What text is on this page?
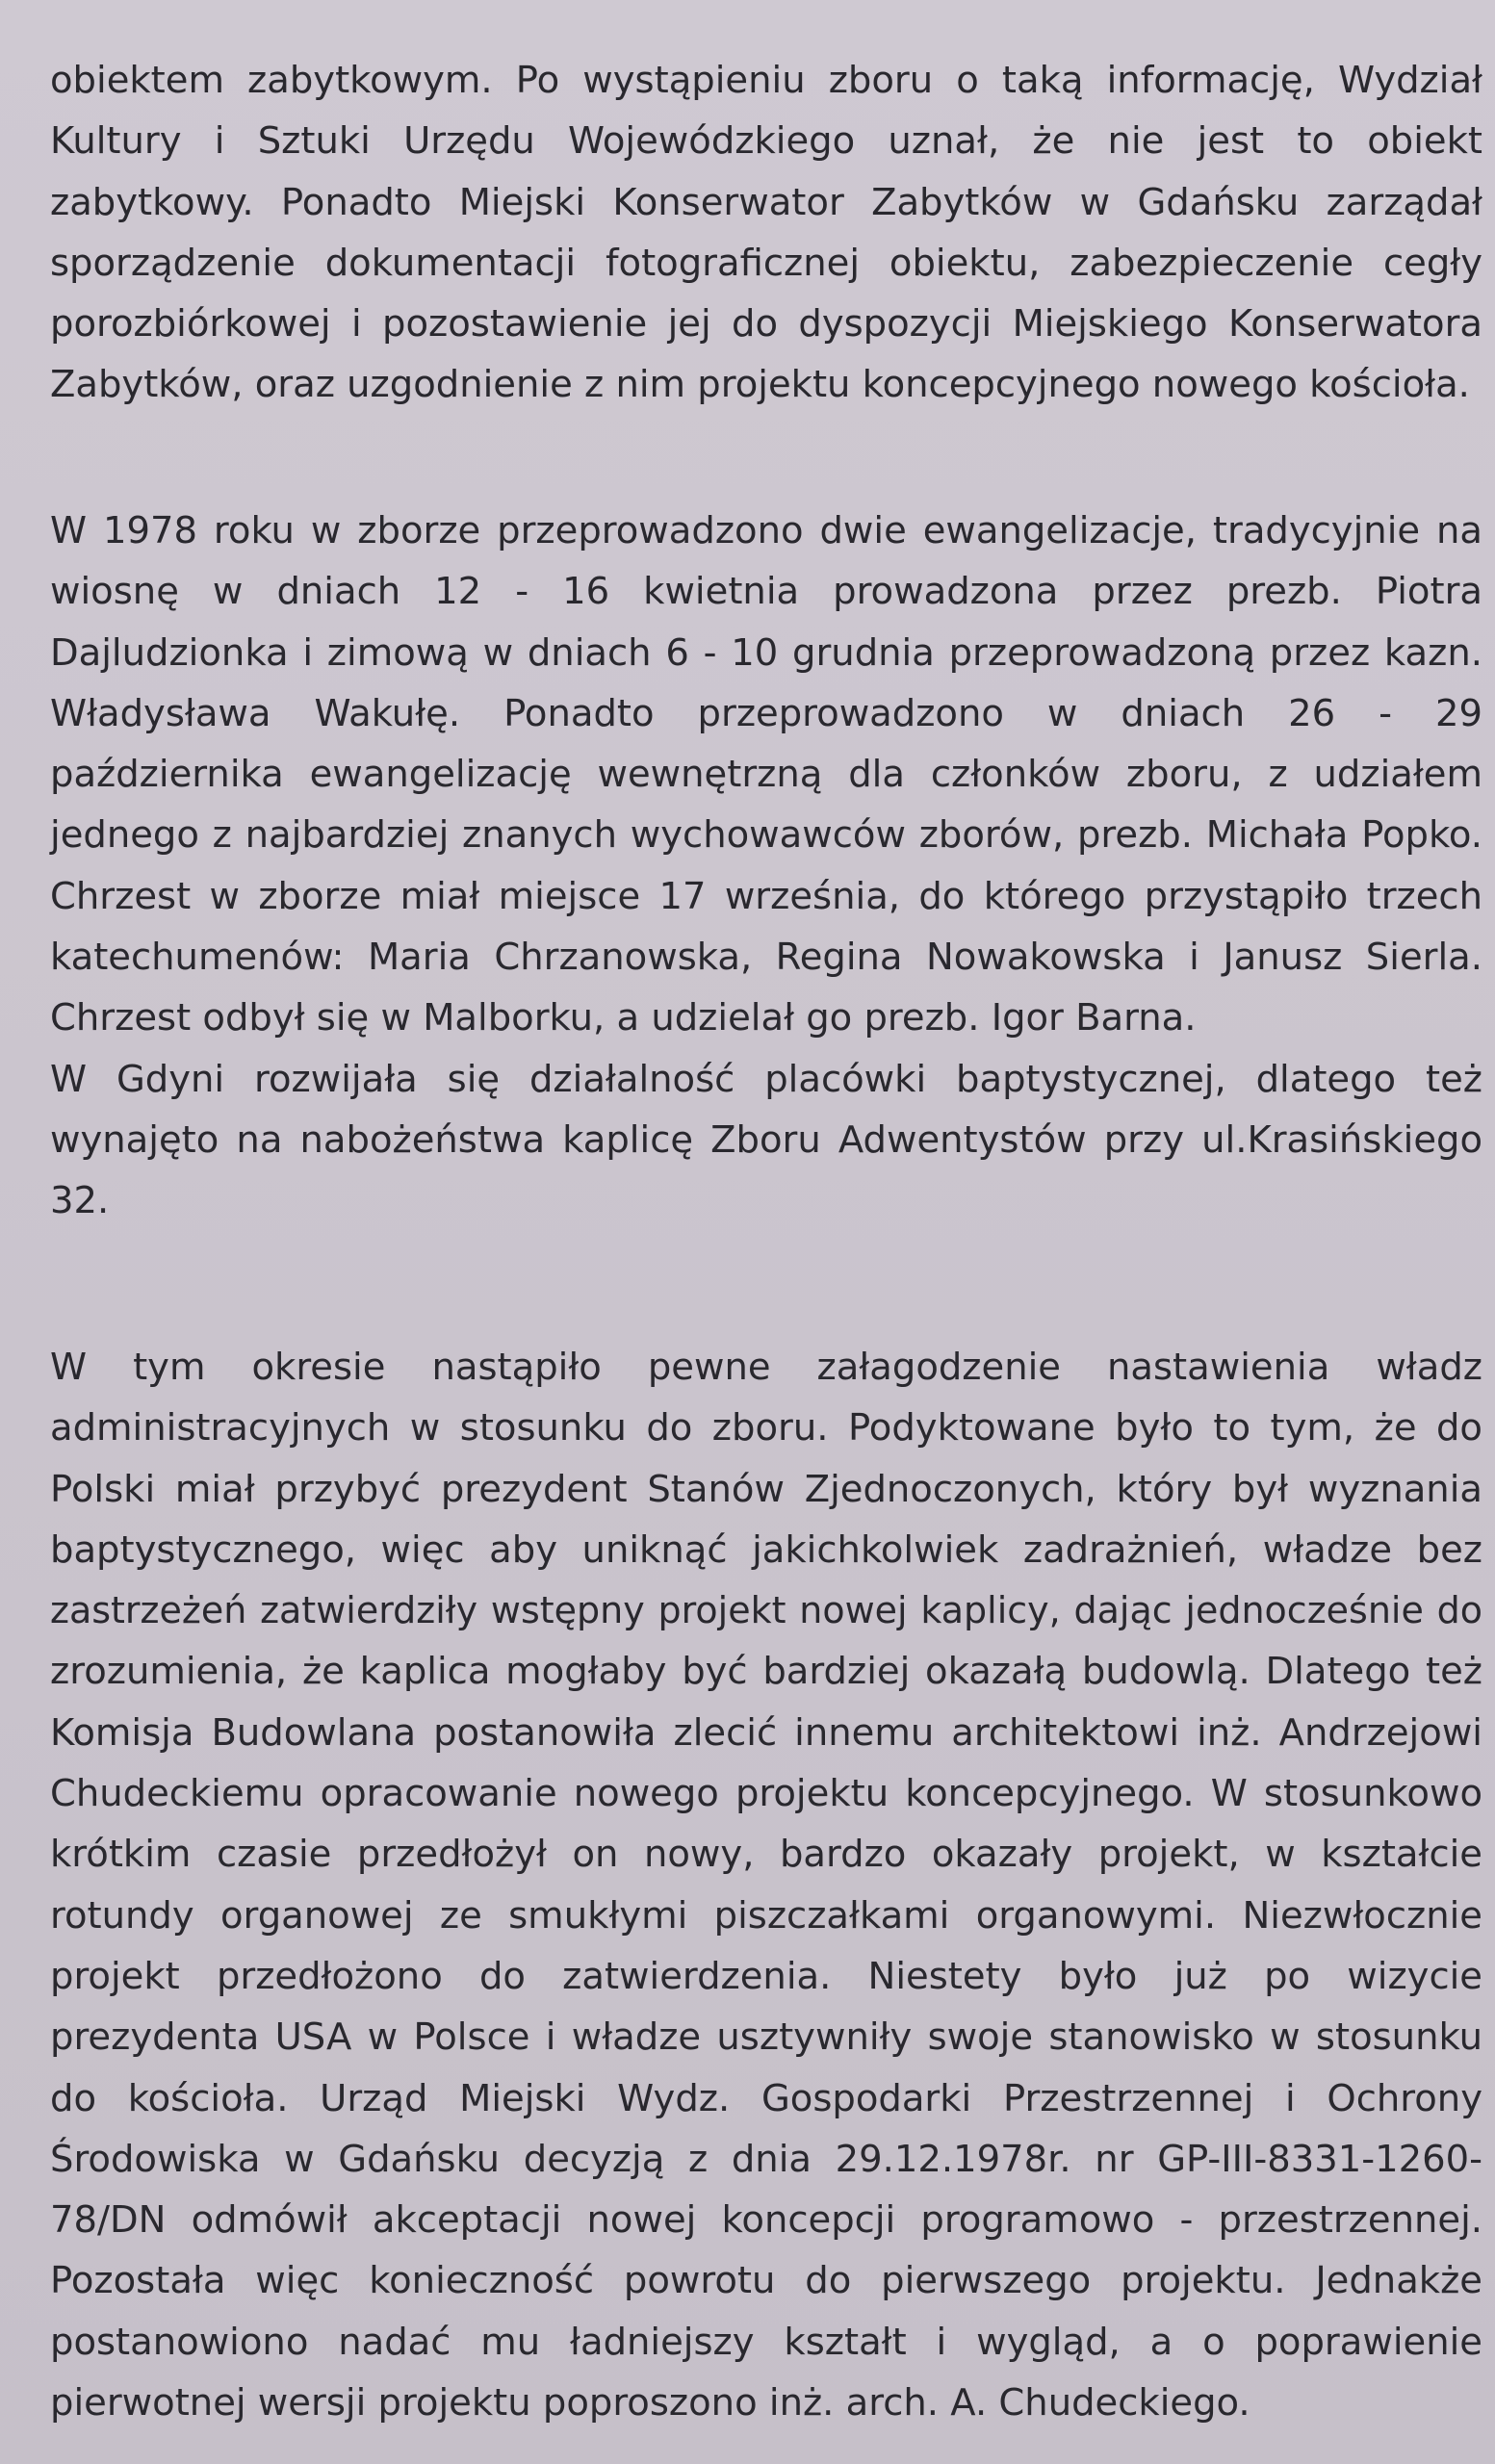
obiektem zabytkowym. Po wystąpieniu zboru o taką informację, Wydział
Kultury i Sztuki Urzędu Wojewódzkiego uznał, że nie jest to obiekt
zabytkowy. Ponadto Miejski Konserwator Zabytków w Gdańsku zarządał
sporządzenie dokumentacji fotograficznej obiektu, zabezpieczenie cegły
porozbiórkowej i pozostawienie jej do dyspozycji Miejskiego Konserwatora
Zabytków, oraz uzgodnienie z nim projektu koncepcyjnego nowego kościoła.
W 1978 roku w zborze przeprowadzono dwie ewangelizacje, tradycyjnie na
wiosnę w dniach 12 - 16 kwietnia prowadzona przez prezb. Piotra
Dajludzionka i zimową w dniach 6 - 10 grudnia przeprowadzoną przez kazn.
Władysława Wakułę. Ponadto przeprowadzono w dniach 26 - 29
października ewangelizację wewnętrzną dla członków zboru, z udziałem
jednego z najbardziej znanych wychowawców zborów, prezb. Michała Popko.
Chrzest w zborze miał miejsce 17 września, do którego przystąpiło trzech
katechumenów: Maria Chrzanowska, Regina Nowakowska i Janusz Sierla.
Chrzest odbył się w Malborku, a udzielał go prezb. Igor Barna.
W Gdyni rozwijała się działalność placówki baptystycznej, dlatego też
wynajęto na nabożeństwa kaplicę Zboru Adwentystów przy ul.Krasińskiego
32.
W tym okresie nastąpiło pewne załagodzenie nastawienia władz
administracyjnych w stosunku do zboru. Podyktowane było to tym, że do
Polski miał przybyć prezydent Stanów Zjednoczonych, który był wyznania
baptystycznego, więc aby uniknąć jakichkolwiek zadrażnień, władze bez
zastrzeżeń zatwierdziły wstępny projekt nowej kaplicy, dając jednocześnie do
zrozumienia, że kaplica mogłaby być bardziej okazałą budowlą. Dlatego też
Komisja Budowlana postanowiła zlecić innemu architektowi inż. Andrzejowi
Chudeckiemu opracowanie nowego projektu koncepcyjnego. W stosunkowo
krótkim czasie przedłożył on nowy, bardzo okazały projekt, w kształcie
rotundy organowej ze smukłymi piszczałkami organowymi. Niezwłocznie
projekt przedłożono do zatwierdzenia. Niestety było już po wizycie
prezydenta USA w Polsce i władze usztywniły swoje stanowisko w stosunku
do kościoła. Urząd Miejski Wydz. Gospodarki Przestrzennej i Ochrony
Środowiska w Gdańsku decyzją z dnia 29.12.1978r. nr GP-III-8331-1260-
78/DN odmówił akceptacji nowej koncepcji programowo - przestrzennej.
Pozostała więc konieczność powrotu do pierwszego projektu. Jednakże
postanowiono nadać mu ładniejszy kształt i wygląd, a o poprawienie
pierwotnej wersji projektu poproszono inż. arch. A. Chudeckiego.
